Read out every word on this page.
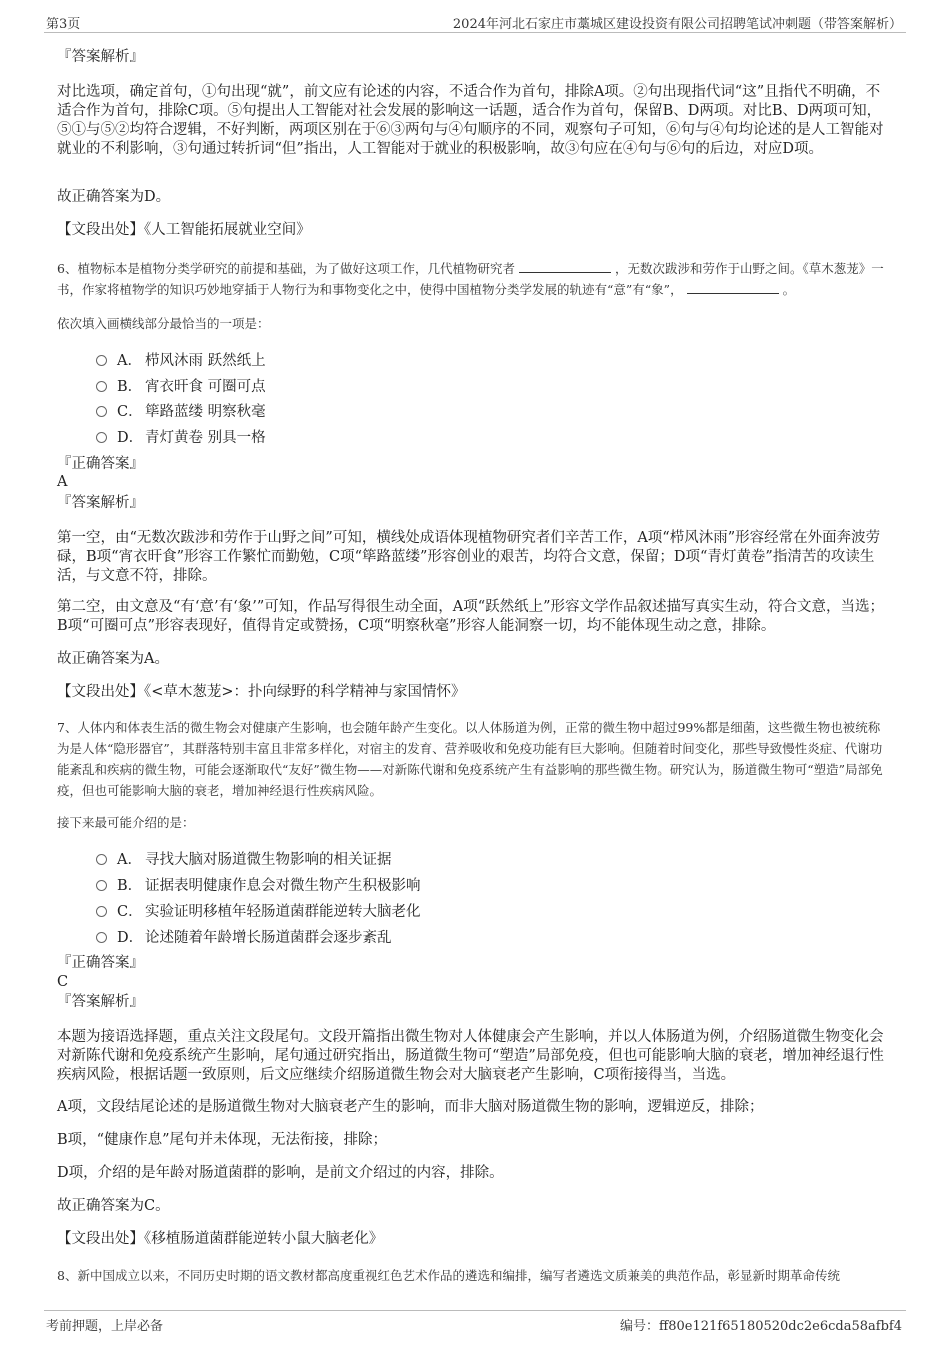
第3页	2024年河北石家庄市藁城区建设投资有限公司招聘笔试冲刺题（带答案解析）
『答案解析』
对比选项，确定首句，①句出现“就”，前文应有论述的内容，不适合作为首句，排除A项。②句出现指代词“这”且指代不明确，不适合作为首句，排除C项。⑤句提出人工智能对社会发展的影响这一话题，适合作为首句，保留B、D两项。对比B、D两项可知，⑤①与⑤②均符合逻辑，不好判断，两项区别在于⑥③两句与④句顺序的不同，观察句子可知，⑥句与④句均论述的是人工智能对就业的不利影响，③句通过转折词“但”指出，人工智能对于就业的积极影响，故③句应在④句与⑥句的后边，对应D项。
故正确答案为D。
【文段出处】《人工智能拓展就业空间》
6、植物标本是植物分类学研究的前提和基础，为了做好这项工作，几代植物研究者	，无数次跋涉和劳作于山野之间。《草木葱茏》一书，作家将植物学的知识巧妙地穿插于人物行为和事物变化之中，使得中国植物分类学发展的轨迹有“意”有“象”，	。
依次填入画横线部分最恰当的一项是：
A． 栉风沐雨 跃然纸上
B． 宵衣旰食 可圈可点
C． 筚路蓝缕 明察秋毫
D． 青灯黄卷 别具一格
『正确答案』
A
『答案解析』
第一空，由“无数次跋涉和劳作于山野之间”可知，横线处成语体现植物研究者们辛苦工作，A项“栉风沐雨”形容经常在外面奔波劳碌，B项“宵衣旰食”形容工作繁忙而勤勉，C项“筚路蓝缕”形容创业的艰苦，均符合文意，保留；D项“青灯黄卷”指清苦的攻读生活，与文意不符，排除。
第二空，由文意及“有‘意’有‘象’”可知，作品写得很生动全面，A项“跃然纸上”形容文学作品叙述描写真实生动，符合文意，当选；B项“可圈可点”形容表现好，值得肯定或赞扬，C项“明察秋毫”形容人能洞察一切，均不能体现生动之意，排除。
故正确答案为A。
【文段出处】《<草木葱茏>：扑向绿野的科学精神与家国情怀》
7、人体内和体表生活的微生物会对健康产生影响，也会随年龄产生变化。以人体肠道为例，正常的微生物中超过99%都是细菌，这些微生物也被统称为是人体“隐形器官”，其群落特别丰富且非常多样化，对宿主的发育、营养吸收和免疫功能有巨大影响。但随着时间变化，那些导致慢性炎症、代谢功能紊乱和疾病的微生物，可能会逐渐取代“友好”微生物——对新陈代谢和免疫系统产生有益影响的那些微生物。研究认为，肠道微生物可“塑造”局部免疫，但也可能影响大脑的衰老，增加神经退行性疾病风险。
接下来最可能介绍的是：
A． 寻找大脑对肠道微生物影响的相关证据
B． 证据表明健康作息会对微生物产生积极影响
C． 实验证明移植年轻肠道菌群能逆转大脑老化
D． 论述随着年龄增长肠道菌群会逐步紊乱
『正确答案』
C
『答案解析』
本题为接语选择题，重点关注文段尾句。文段开篇指出微生物对人体健康会产生影响，并以人体肠道为例，介绍肠道微生物变化会对新陈代谢和免疫系统产生影响，尾句通过研究指出，肠道微生物可“塑造”局部免疫，但也可能影响大脑的衰老，增加神经退行性疾病风险，根据话题一致原则，后文应继续介绍肠道微生物会对大脑衰老产生影响，C项衔接得当，当选。
A项，文段结尾论述的是肠道微生物对大脑衰老产生的影响，而非大脑对肠道微生物的影响，逻辑逆反，排除；
B项，“健康作息”尾句并未体现，无法衔接，排除；
D项，介绍的是年龄对肠道菌群的影响，是前文介绍过的内容，排除。
故正确答案为C。
【文段出处】《移植肠道菌群能逆转小鼠大脑老化》
8、新中国成立以来，不同历史时期的语文教材都高度重视红色艺术作品的遴选和编排，编写者遴选文质兼美的典范作品，彰显新时期革命传统
考前押题，上岸必备	编号：ff80e121f65180520dc2e6cda58afbf4
